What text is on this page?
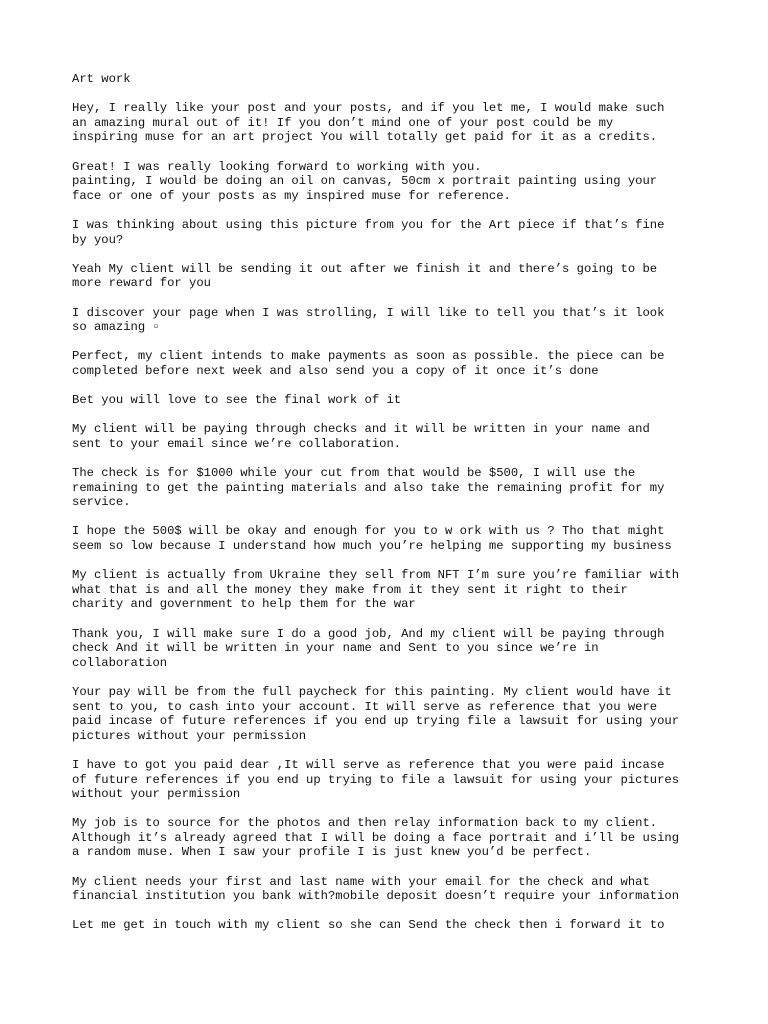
Art work

Hey, I really like your post and your posts, and if you let me, I would make such
an amazing mural out of it! If you don’t mind one of your post could be my
inspiring muse for an art project You will totally get paid for it as a credits.

Great! I was really looking forward to working with you.
painting, I would be doing an oil on canvas, 50cm x portrait painting using your
face or one of your posts as my inspired muse for reference.

I was thinking about using this picture from you for the Art piece if that’s fine
by you?

Yeah My client will be sending it out after we finish it and there’s going to be
more reward for you

I discover your page when I was strolling, I will like to tell you that’s it look
so amazing ▫

Perfect, my client intends to make payments as soon as possible. the piece can be
completed before next week and also send you a copy of it once it’s done

Bet you will love to see the final work of it

My client will be paying through checks and it will be written in your name and
sent to your email since we’re collaboration.

The check is for $1000 while your cut from that would be $500, I will use the
remaining to get the painting materials and also take the remaining profit for my
service.

I hope the 500$ will be okay and enough for you to w ork with us ? Tho that might
seem so low because I understand how much you’re helping me supporting my business

My client is actually from Ukraine they sell from NFT I’m sure you’re familiar with
what that is and all the money they make from it they sent it right to their
charity and government to help them for the war

Thank you, I will make sure I do a good job, And my client will be paying through
check And it will be written in your name and Sent to you since we’re in
collaboration

Your pay will be from the full paycheck for this painting. My client would have it
sent to you, to cash into your account. It will serve as reference that you were
paid incase of future references if you end up trying file a lawsuit for using your
pictures without your permission

I have to got you paid dear ,It will serve as reference that you were paid incase
of future references if you end up trying to file a lawsuit for using your pictures
without your permission

My job is to source for the photos and then relay information back to my client.
Although it’s already agreed that I will be doing a face portrait and i’ll be using
a random muse. When I saw your profile I is just knew you’d be perfect.

My client needs your first and last name with your email for the check and what
financial institution you bank with?mobile deposit doesn’t require your information

Let me get in touch with my client so she can Send the check then i forward it to
